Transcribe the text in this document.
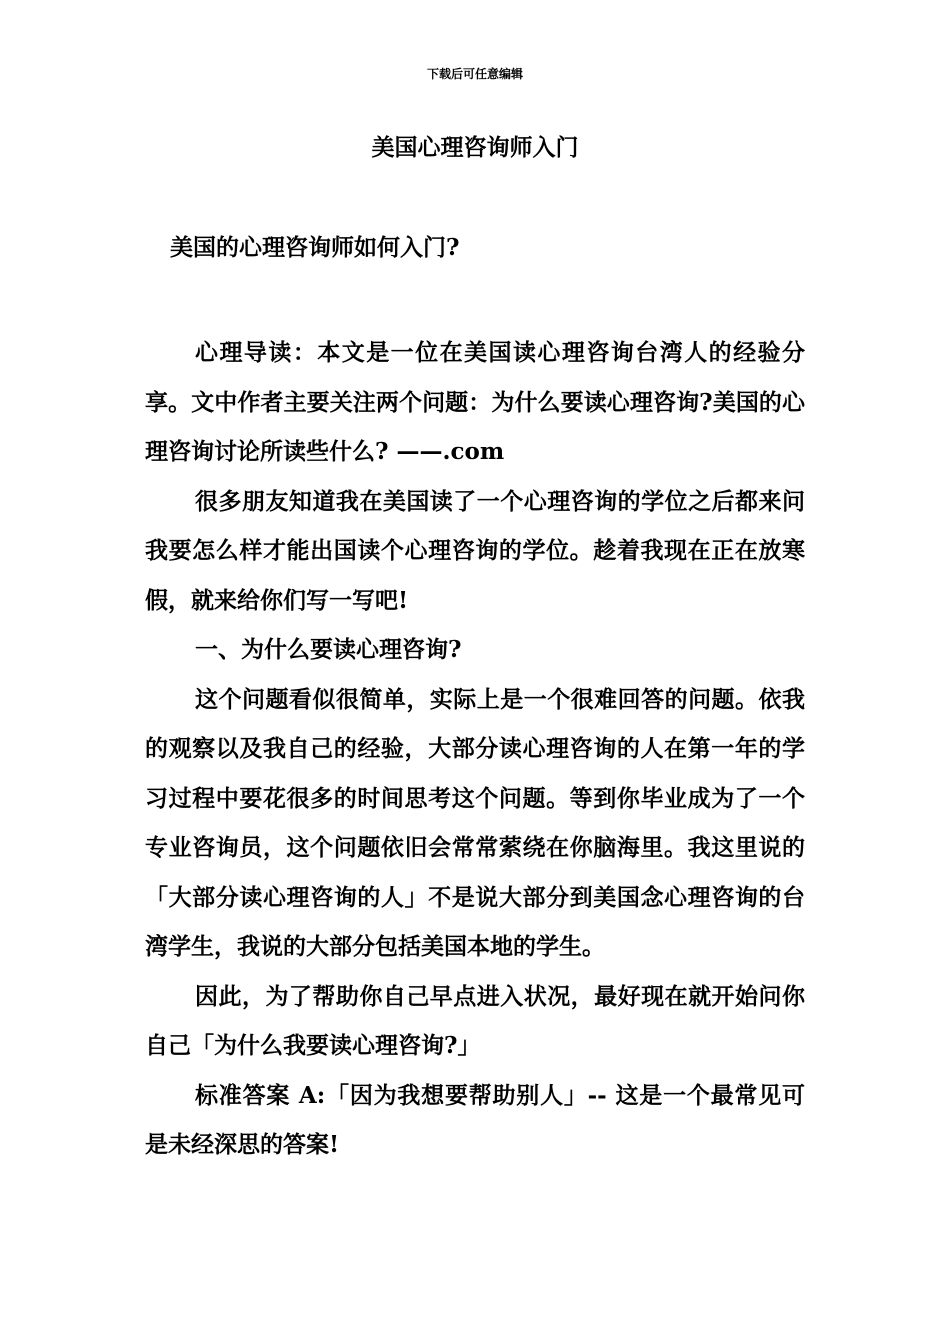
下载后可任意编辑
美国心理咨询师入门
美国的心理咨询师如何入门?

心理导读：本文是一位在美国读心理咨询台湾人的经验分享。文中作者主要关注两个问题：为什么要读心理咨询?美国的心理咨询讨论所读些什么? ——.com

很多朋友知道我在美国读了一个心理咨询的学位之后都来问我要怎么样才能出国读个心理咨询的学位。趁着我现在正在放寒假，就来给你们写一写吧!

一、为什么要读心理咨询?

这个问题看似很简单，实际上是一个很难回答的问题。依我的观察以及我自己的经验，大部分读心理咨询的人在第一年的学习过程中要花很多的时间思考这个问题。等到你毕业成为了一个专业咨询员，这个问题依旧会常常萦绕在你脑海里。我这里说的「大部分读心理咨询的人」不是说大部分到美国念心理咨询的台湾学生，我说的大部分包括美国本地的学生。

因此，为了帮助你自己早点进入状况，最好现在就开始问你自己「为什么我要读心理咨询?」

标准答案 A:「因为我想要帮助别人」-- 这是一个最常见可是未经深思的答案!
